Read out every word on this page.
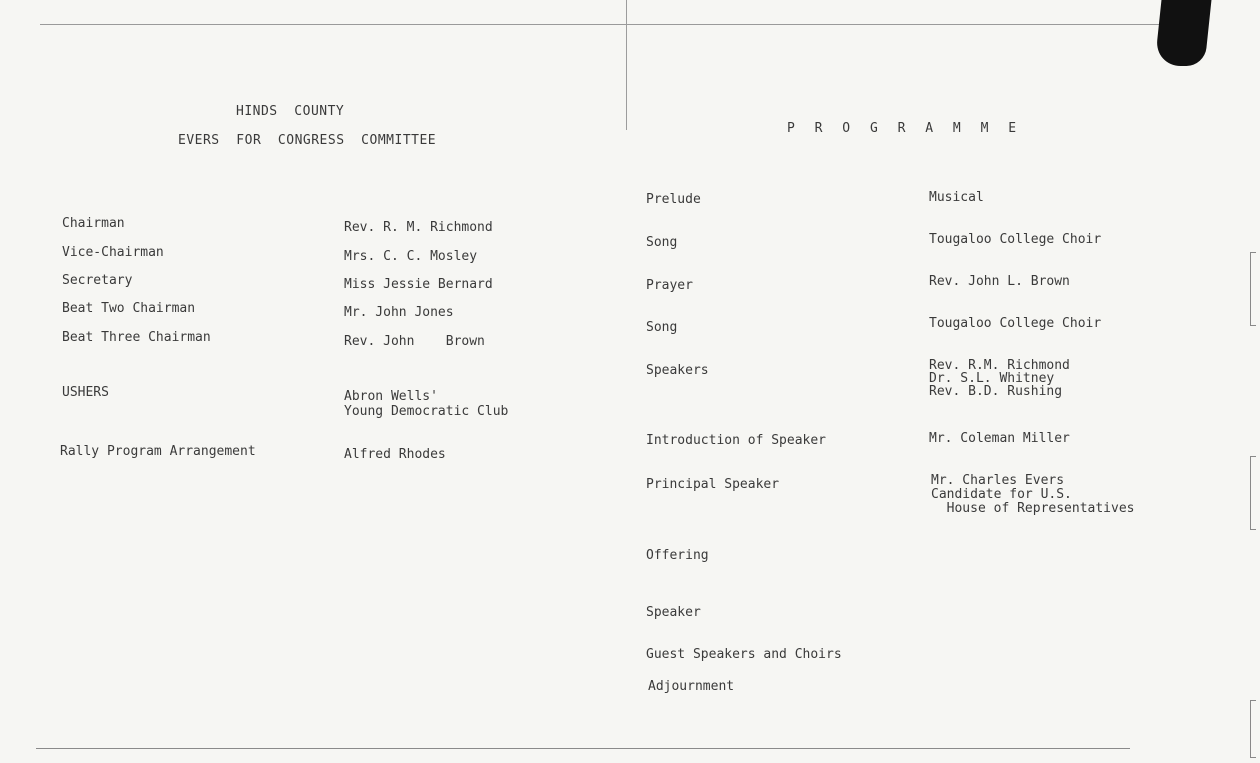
HINDS  COUNTY
EVERS  FOR  CONGRESS  COMMITTEE
Chairman	Rev. R. M. Richmond
Vice-Chairman	Mrs. C. C. Mosley
Secretary	Miss Jessie Bernard
Beat Two Chairman	Mr. John Jones
Beat Three Chairman	Rev. John    Brown
USHERS	Abron Wells'
Young Democratic Club
Rally Program Arrangement	Alfred Rhodes
P R O G R A M M E
Prelude	Musical
Song	Tougaloo College Choir
Prayer	Rev. John L. Brown
Song	Tougaloo College Choir
Speakers	Rev. R.M. Richmond
Dr. S.L. Whitney
Rev. B.D. Rushing
Introduction of Speaker	Mr. Coleman Miller
Principal Speaker	Mr. Charles Evers
Candidate for U.S.
House of Representatives
Offering
Speaker
Guest Speakers and Choirs
Adjournment
